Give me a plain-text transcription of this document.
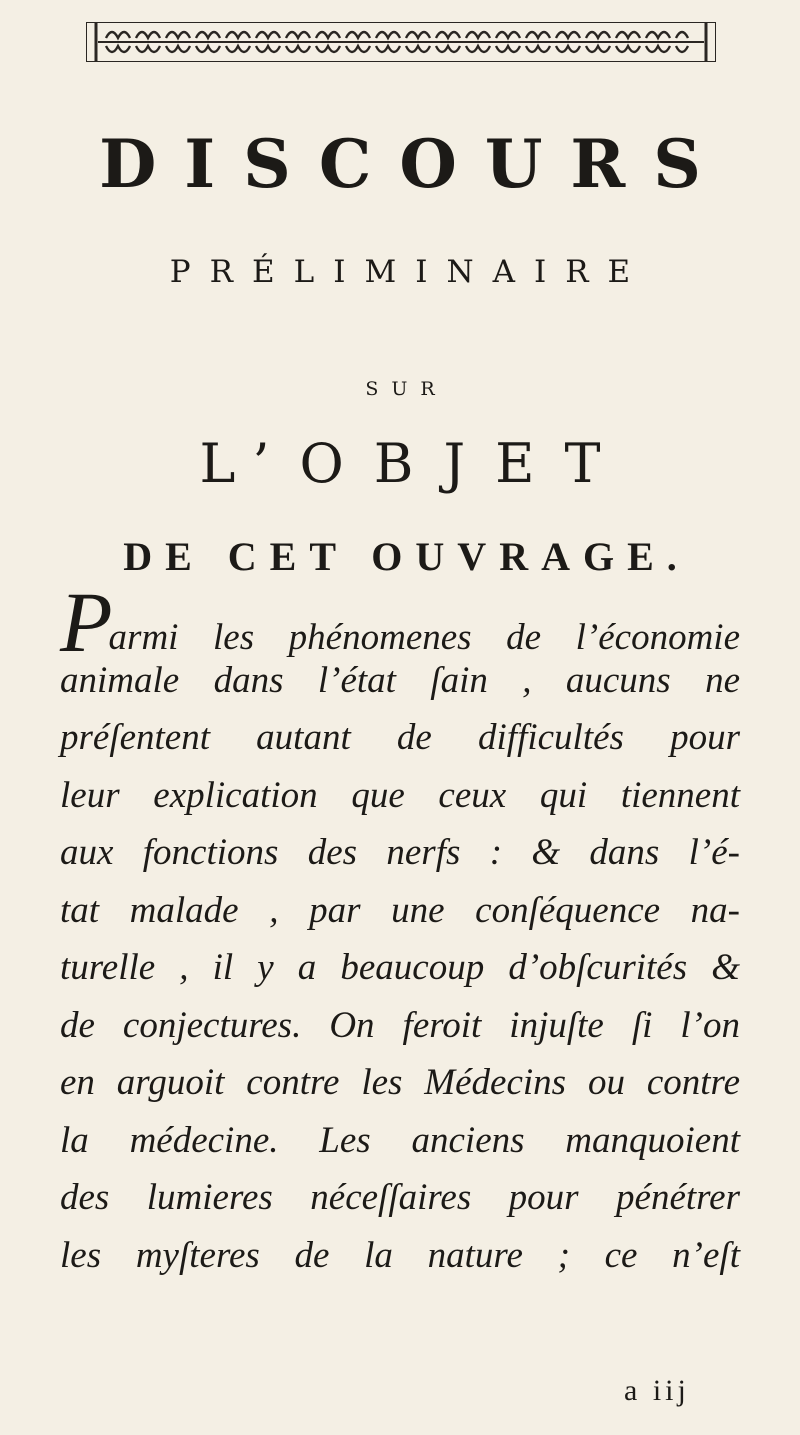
DISCOURS
PRÉLIMINAIRE
SUR
L’OBJET
DE CET OUVRAGE.
Parmi les phénomenes de l’économie
animale dans l’état ſain , aucuns ne
préſentent autant de difficultés pour
leur explication que ceux qui tiennent
aux fonctions des nerfs : & dans l’é-
tat malade , par une conſéquence na-
turelle , il y a beaucoup d’obſcurités &
de conjectures. On feroit injuſte ſi l’on
en arguoit contre les Médecins ou contre
la médecine. Les anciens manquoient
des lumieres néceſſaires pour pénétrer
les myſteres de la nature ; ce n’eſt
a iij
